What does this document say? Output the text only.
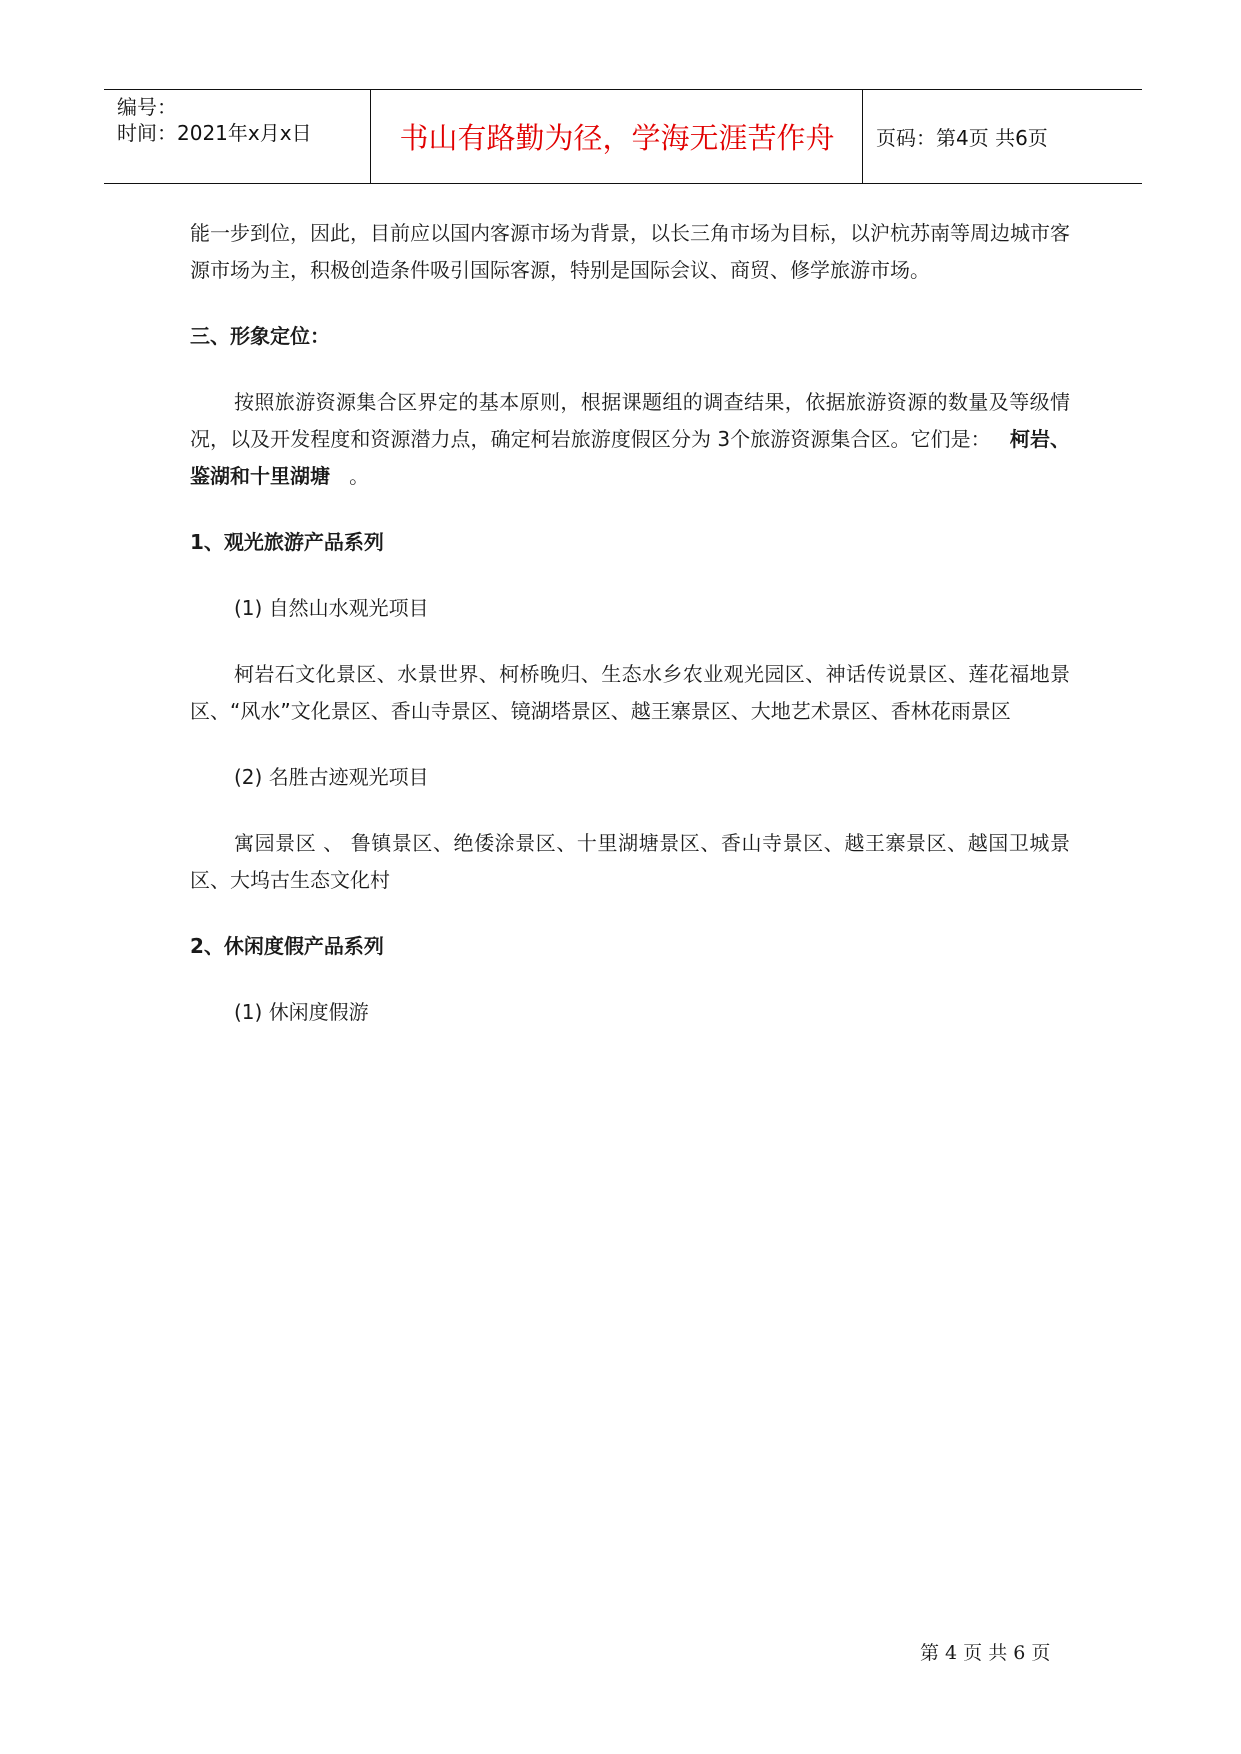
编号：
时间：2021年x月x日	书山有路勤为径，学海无涯苦作舟	页码：第4页 共6页

能一步到位，因此，目前应以国内客源市场为背景，以长三角市场为目标，以沪杭苏南等周边城市客源市场为主，积极创造条件吸引国际客源，特别是国际会议、商贸、修学旅游市场。

三、形象定位：

按照旅游资源集合区界定的基本原则，根据课题组的调查结果，依据旅游资源的数量及等级情况，以及开发程度和资源潜力点，确定柯岩旅游度假区分为 3个旅游资源集合区。它们是： 柯岩、鉴湖和十里湖塘 。

1、观光旅游产品系列

(1) 自然山水观光项目

柯岩石文化景区、水景世界、柯桥晚归、生态水乡农业观光园区、神话传说景区、莲花福地景区、“风水”文化景区、香山寺景区、镜湖塔景区、越王寨景区、大地艺术景区、香林花雨景区

(2) 名胜古迹观光项目

寓园景区 、 鲁镇景区、绝倭涂景区、十里湖塘景区、香山寺景区、越王寨景区、越国卫城景区、大坞古生态文化村

2、休闲度假产品系列

(1) 休闲度假游

第 4 页 共 6 页
